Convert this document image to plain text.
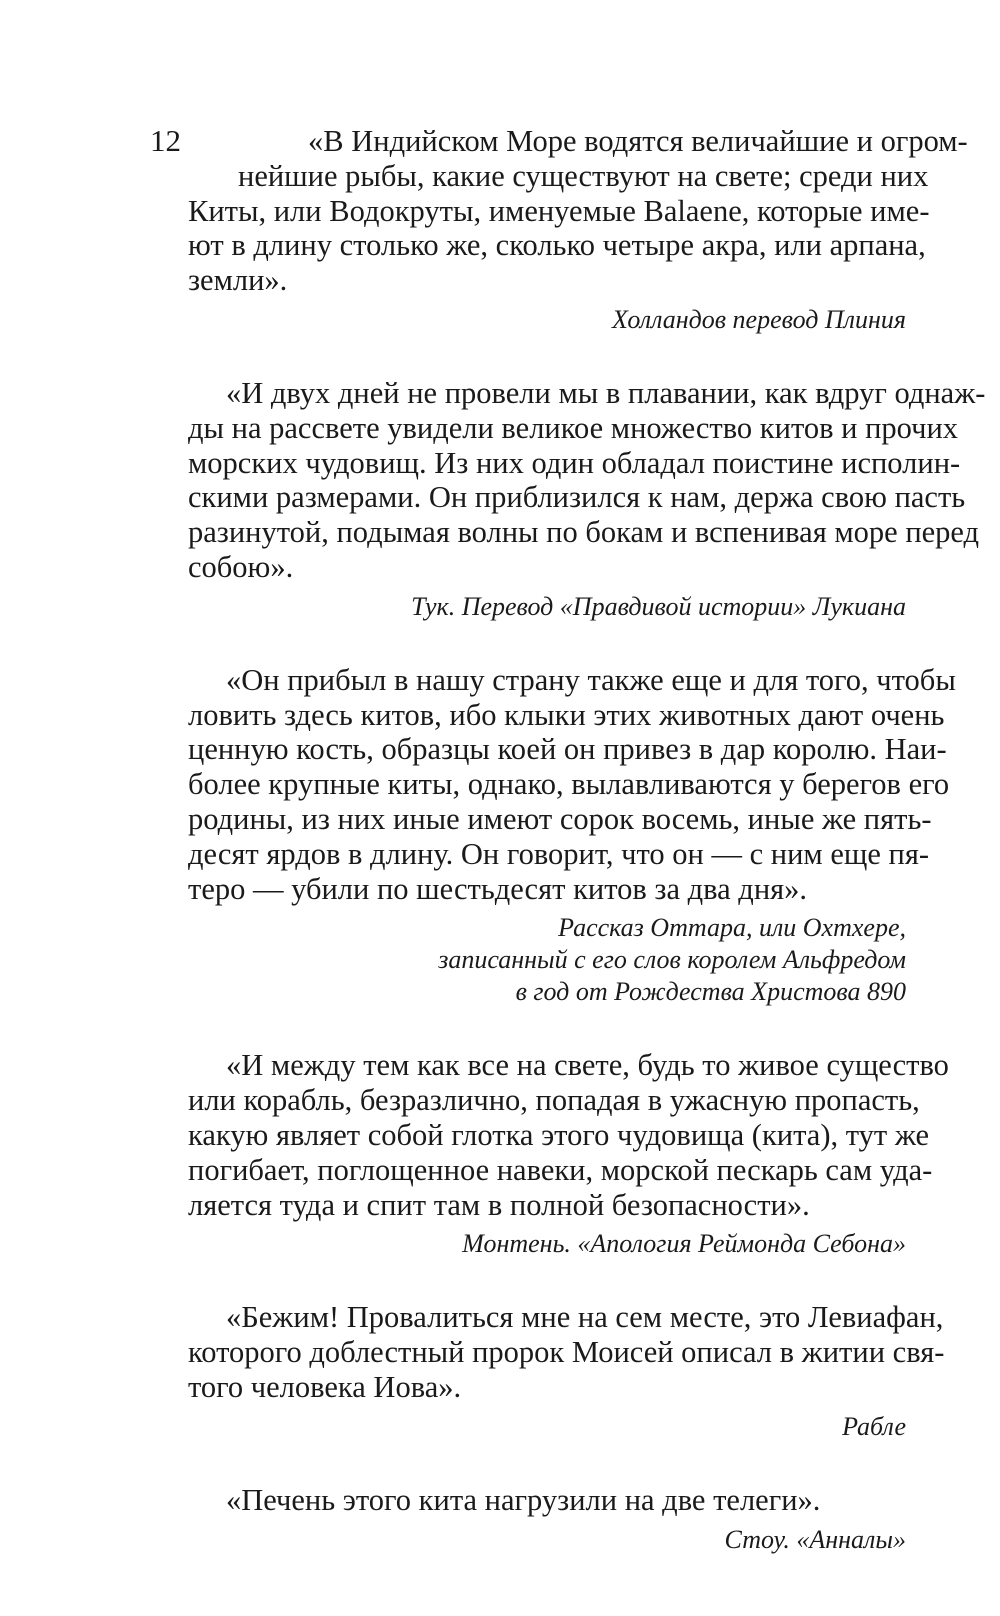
12	«В Индийском Море водятся величайшие и огром-
нейшие рыбы, какие существуют на свете; среди них
Киты, или Водокруты, именуемые Balaene, которые име-
ют в длину столько же, сколько четыре акра, или арпана,
земли».

Холландов перевод Плиния

«И двух дней не провели мы в плавании, как вдруг однаж-
ды на рассвете увидели великое множество китов и прочих
морских чудовищ. Из них один обладал поистине исполин-
скими размерами. Он приблизился к нам, держа свою пасть
разинутой, подымая волны по бокам и вспенивая море перед
собою».

Тук. Перевод «Правдивой истории» Лукиана

«Он прибыл в нашу страну также еще и для того, чтобы
ловить здесь китов, ибо клыки этих животных дают очень
ценную кость, образцы коей он привез в дар королю. Наи-
более крупные киты, однако, вылавливаются у берегов его
родины, из них иные имеют сорок восемь, иные же пять-
десят ярдов в длину. Он говорит, что он — с ним еще пя-
теро — убили по шестьдесят китов за два дня».

Рассказ Оттара, или Охтхере,
записанный с его слов королем Альфредом
в год от Рождества Христова 890

«И между тем как все на свете, будь то живое существо
или корабль, безразлично, попадая в ужасную пропасть,
какую являет собой глотка этого чудовища (кита), тут же
погибает, поглощенное навеки, морской пескарь сам уда-
ляется туда и спит там в полной безопасности».

Монтень. «Апология Реймонда Себона»

«Бежим! Провалиться мне на сем месте, это Левиафан,
которого доблестный пророк Моисей описал в житии свя-
того человека Иова».

Рабле

«Печень этого кита нагрузили на две телеги».

Стоу. «Анналы»
